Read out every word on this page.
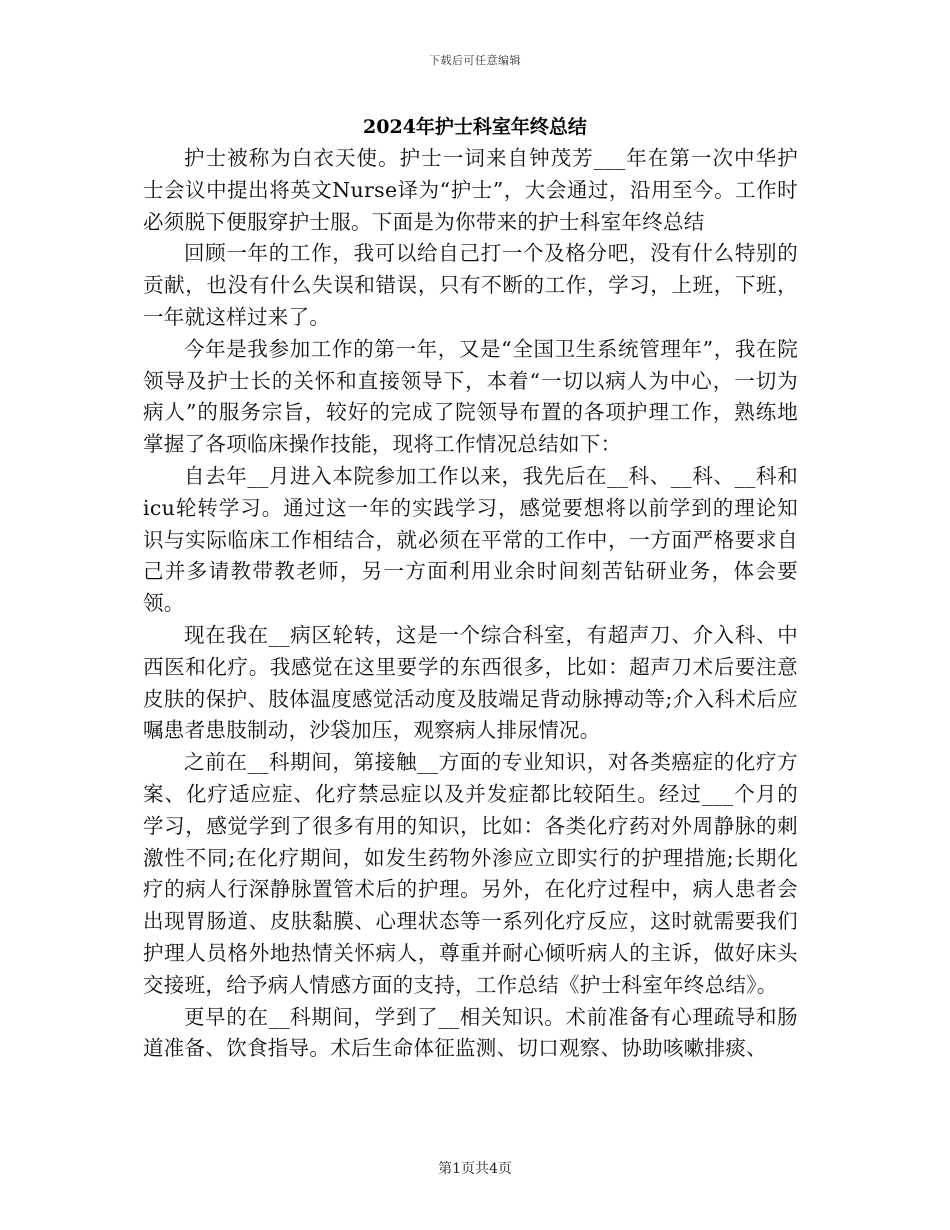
下载后可任意编辑
2024年护士科室年终总结

护士被称为白衣天使。护士一词来自钟茂芳___年在第一次中华护士会议中提出将英文Nurse译为“护士”，大会通过，沿用至今。工作时必须脱下便服穿护士服。下面是为你带来的护士科室年终总结

回顾一年的工作，我可以给自己打一个及格分吧，没有什么特别的贡献，也没有什么失误和错误，只有不断的工作，学习，上班，下班，一年就这样过来了。

今年是我参加工作的第一年，又是“全国卫生系统管理年”，我在院领导及护士长的关怀和直接领导下，本着“一切以病人为中心，一切为病人”的服务宗旨，较好的完成了院领导布置的各项护理工作，熟练地掌握了各项临床操作技能，现将工作情况总结如下：

自去年__月进入本院参加工作以来，我先后在__科、__科、__科和icu轮转学习。通过这一年的实践学习，感觉要想将以前学到的理论知识与实际临床工作相结合，就必须在平常的工作中，一方面严格要求自己并多请教带教老师，另一方面利用业余时间刻苦钻研业务，体会要领。

现在我在__病区轮转，这是一个综合科室，有超声刀、介入科、中西医和化疗。我感觉在这里要学的东西很多，比如：超声刀术后要注意皮肤的保护、肢体温度感觉活动度及肢端足背动脉搏动等;介入科术后应嘱患者患肢制动，沙袋加压，观察病人排尿情况。

之前在__科期间，第接触__方面的专业知识，对各类癌症的化疗方案、化疗适应症、化疗禁忌症以及并发症都比较陌生。经过___个月的学习，感觉学到了很多有用的知识，比如：各类化疗药对外周静脉的刺激性不同;在化疗期间，如发生药物外渗应立即实行的护理措施;长期化疗的病人行深静脉置管术后的护理。另外，在化疗过程中，病人患者会出现胃肠道、皮肤黏膜、心理状态等一系列化疗反应，这时就需要我们护理人员格外地热情关怀病人，尊重并耐心倾听病人的主诉，做好床头交接班，给予病人情感方面的支持，工作总结《护士科室年终总结》。

更早的在__科期间，学到了__相关知识。术前准备有心理疏导和肠道准备、饮食指导。术后生命体征监测、切口观察、协助咳嗽排痰、

第1页共4页
